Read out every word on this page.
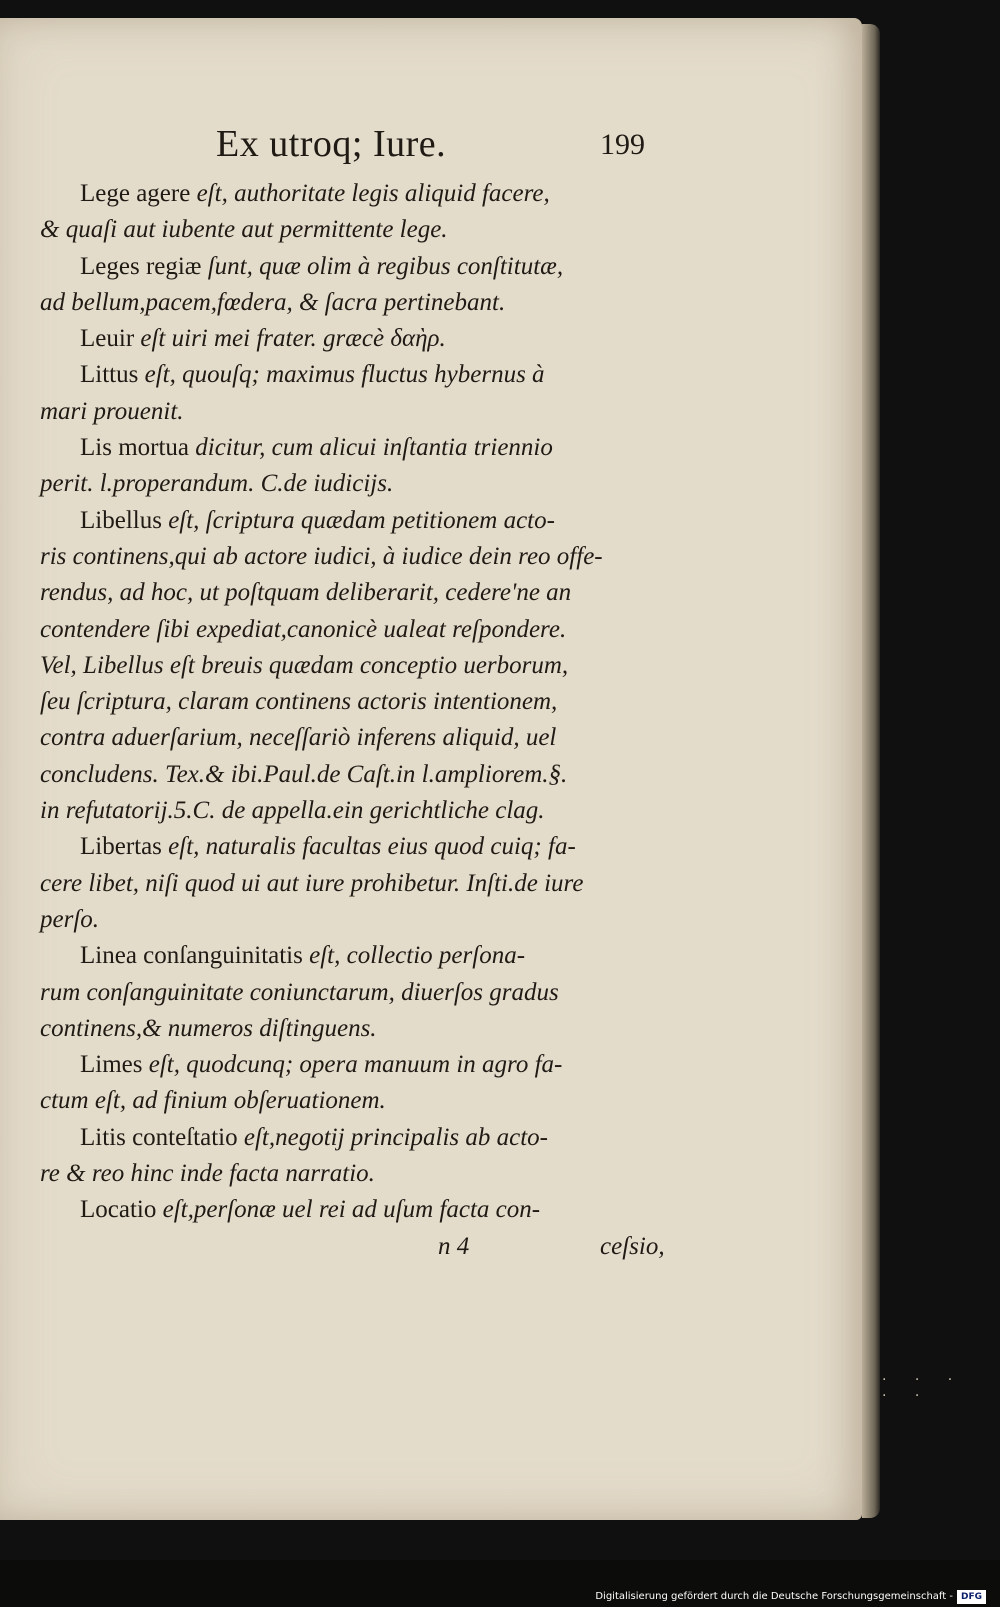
Ex utroq; Iure.	199
Lege agere eſt, authoritate legis aliquid facere,
& quaſi aut iubente aut permittente lege.
Leges regiæ ſunt, quæ olim à regibus conſtitutæ,
ad bellum,pacem,fœdera, & ſacra pertinebant.
Leuir eſt uiri mei frater. græcè δαὴρ.
Littus eſt, quouſq; maximus fluctus hybernus à
mari prouenit.
Lis mortua dicitur, cum alicui inſtantia triennio
perit. l.properandum. C.de iudicijs.
Libellus eſt, ſcriptura quædam petitionem acto-
ris continens,qui ab actore iudici, à iudice dein reo offe-
rendus, ad hoc, ut poſtquam deliberarit, cedere'ne an
contendere ſibi expediat,canonicè ualeat reſpondere.
Vel, Libellus eſt breuis quædam conceptio uerborum,
ſeu ſcriptura, claram continens actoris intentionem,
contra aduerſarium, neceſſariò inferens aliquid, uel
concludens. Tex.& ibi.Paul.de Caſt.in l.ampliorem.§.
in refutatorij.5.C. de appella.ein gerichtliche clag.
Libertas eſt, naturalis facultas eius quod cuiq; fa-
cere libet, niſi quod ui aut iure prohibetur. Inſti.de iure
perſo.
Linea conſanguinitatis eſt, collectio perſona-
rum conſanguinitate coniunctarum, diuerſos gradus
continens,& numeros diſtinguens.
Limes eſt, quodcunq; opera manuum in agro fa-
ctum eſt, ad finium obſeruationem.
Litis conteſtatio eſt,negotij principalis ab acto-
re & reo hinc inde facta narratio.
Locatio eſt,perſonæ uel rei ad uſum facta con-
n 4	ceſsio,
· · · · ·
Digitalisierung gefördert durch die Deutsche Forschungsgemeinschaft - DFG
